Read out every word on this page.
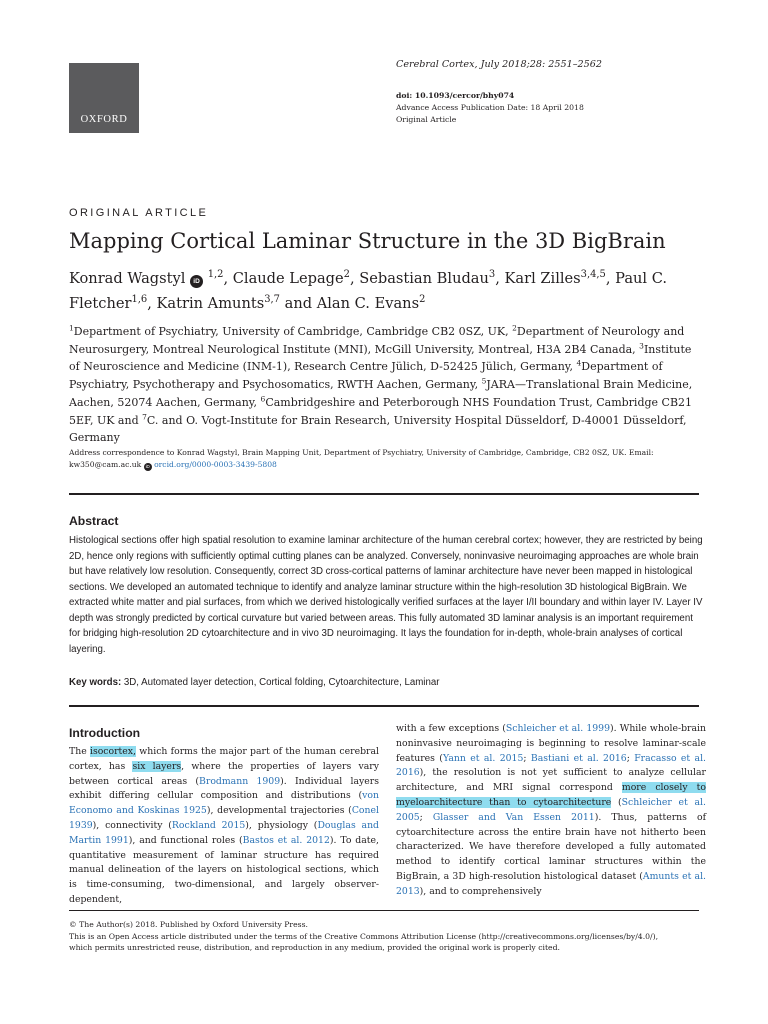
OXFORD
Cerebral Cortex, July 2018;28: 2551–2562
doi: 10.1093/cercor/bhy074
Advance Access Publication Date: 18 April 2018
Original Article
ORIGINAL ARTICLE
Mapping Cortical Laminar Structure in the 3D BigBrain
Konrad Wagstyl iD $^{1,2}$, Claude Lepage$^2$, Sebastian Bludau$^3$, Karl Zilles$^{3,4,5}$, Paul C. Fletcher$^{1,6}$, Katrin Amunts$^{3,7}$ and Alan C. Evans$^2$
$^1$Department of Psychiatry, University of Cambridge, Cambridge CB2 0SZ, UK, $^2$Department of Neurology and Neurosurgery, Montreal Neurological Institute (MNI), McGill University, Montreal, H3A 2B4 Canada, $^3$Institute of Neuroscience and Medicine (INM-1), Research Centre Jülich, D-52425 Jülich, Germany, $^4$Department of Psychiatry, Psychotherapy and Psychosomatics, RWTH Aachen, Germany, $^5$JARA—Translational Brain Medicine, Aachen, 52074 Aachen, Germany, $^6$Cambridgeshire and Peterborough NHS Foundation Trust, Cambridge CB21 5EF, UK and $^7$C. and O. Vogt-Institute for Brain Research, University Hospital Düsseldorf, D-40001 Düsseldorf, Germany
Address correspondence to Konrad Wagstyl, Brain Mapping Unit, Department of Psychiatry, University of Cambridge, Cambridge, CB2 0SZ, UK. Email: kw350@cam.ac.uk iD orcid.org/0000-0003-3439-5808
Abstract
Histological sections offer high spatial resolution to examine laminar architecture of the human cerebral cortex; however, they are restricted by being 2D, hence only regions with sufficiently optimal cutting planes can be analyzed. Conversely, noninvasive neuroimaging approaches are whole brain but have relatively low resolution. Consequently, correct 3D cross-cortical patterns of laminar architecture have never been mapped in histological sections. We developed an automated technique to identify and analyze laminar structure within the high-resolution 3D histological BigBrain. We extracted white matter and pial surfaces, from which we derived histologically verified surfaces at the layer I/II boundary and within layer IV. Layer IV depth was strongly predicted by cortical curvature but varied between areas. This fully automated 3D laminar analysis is an important requirement for bridging high-resolution 2D cytoarchitecture and in vivo 3D neuroimaging. It lays the foundation for in-depth, whole-brain analyses of cortical layering.
Key words: 3D, Automated layer detection, Cortical folding, Cytoarchitecture, Laminar
Introduction
The isocortex, which forms the major part of the human cerebral cortex, has six layers, where the properties of layers vary between cortical areas (Brodmann 1909). Individual layers exhibit differing cellular composition and distributions (von Economo and Koskinas 1925), developmental trajectories (Conel 1939), connectivity (Rockland 2015), physiology (Douglas and Martin 1991), and functional roles (Bastos et al. 2012). To date, quantitative measurement of laminar structure has required manual delineation of the layers on histological sections, which is time-consuming, two-dimensional, and largely observer-dependent,
with a few exceptions (Schleicher et al. 1999). While whole-brain noninvasive neuroimaging is beginning to resolve laminar-scale features (Yann et al. 2015; Bastiani et al. 2016; Fracasso et al. 2016), the resolution is not yet sufficient to analyze cellular architecture, and MRI signal correspond more closely to myeloarchitecture than to cytoarchitecture (Schleicher et al. 2005; Glasser and Van Essen 2011). Thus, patterns of cytoarchitecture across the entire brain have not hitherto been characterized. We have therefore developed a fully automated method to identify cortical laminar structures within the BigBrain, a 3D high-resolution histological dataset (Amunts et al. 2013), and to comprehensively
© The Author(s) 2018. Published by Oxford University Press.
This is an Open Access article distributed under the terms of the Creative Commons Attribution License (http://creativecommons.org/licenses/by/4.0/),
which permits unrestricted reuse, distribution, and reproduction in any medium, provided the original work is properly cited.
